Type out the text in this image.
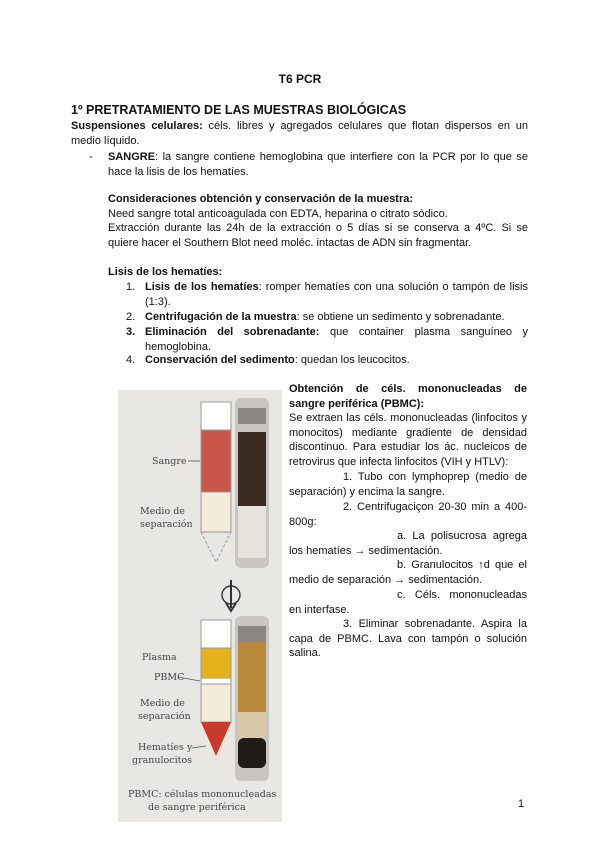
T6 PCR
1º PRETRATAMIENTO DE LAS MUESTRAS BIOLÓGICAS
Suspensiones celulares: céls. libres y agregados celulares que flotan dispersos en un medio líquido.
- SANGRE: la sangre contiene hemoglobina que interfiere con la PCR por lo que se hace la lisis de los hematíes.
Consideraciones obtención y conservación de la muestra:
Need sangre total anticoagulada con EDTA, heparina o citrato sódico.
Extracción durante las 24h de la extracción o 5 días si se conserva a 4ºC. Si se quiere hacer el Southern Blot need moléc. intactas de ADN sin fragmentar.
Lisis de los hematíes:
1. Lisis de los hematíes: romper hematíes con una solución o tampón de lisis (1:3).
2. Centrifugación de la muestra: se obtiene un sedimento y sobrenadante.
3. Eliminación del sobrenadante: que container plasma sanguíneo y hemoglobina.
4. Conservación del sedimento: quedan los leucocitos.
Sangre
Medio de
separación
Plasma
PBMC
Medio de
separación
Hematíes y
granulocitos
PBMC: células mononucleadas
de sangre periférica
Obtención de céls. mononucleadas de sangre periférica (PBMC):
Se extraen las céls. mononucleadas (linfocitos y monocitos) mediante gradiente de densidad discontinuo. Para estudiar los ác. nucleicos de retrovirus que infecta linfocitos (VIH y HTLV):
1. Tubo con lymphoprep (medio de separación) y encima la sangre.
2. Centrifugaciçon 20-30 min a 400-800g:
a. La polisucrosa agrega los hematíes → sedimentación.
b. Granulocitos ↑d que el medio de separación → sedimentación.
c. Céls. mononucleadas en interfase.
3. Eliminar sobrenadante. Aspira la capa de PBMC. Lava con tampón o solución salina.
1
